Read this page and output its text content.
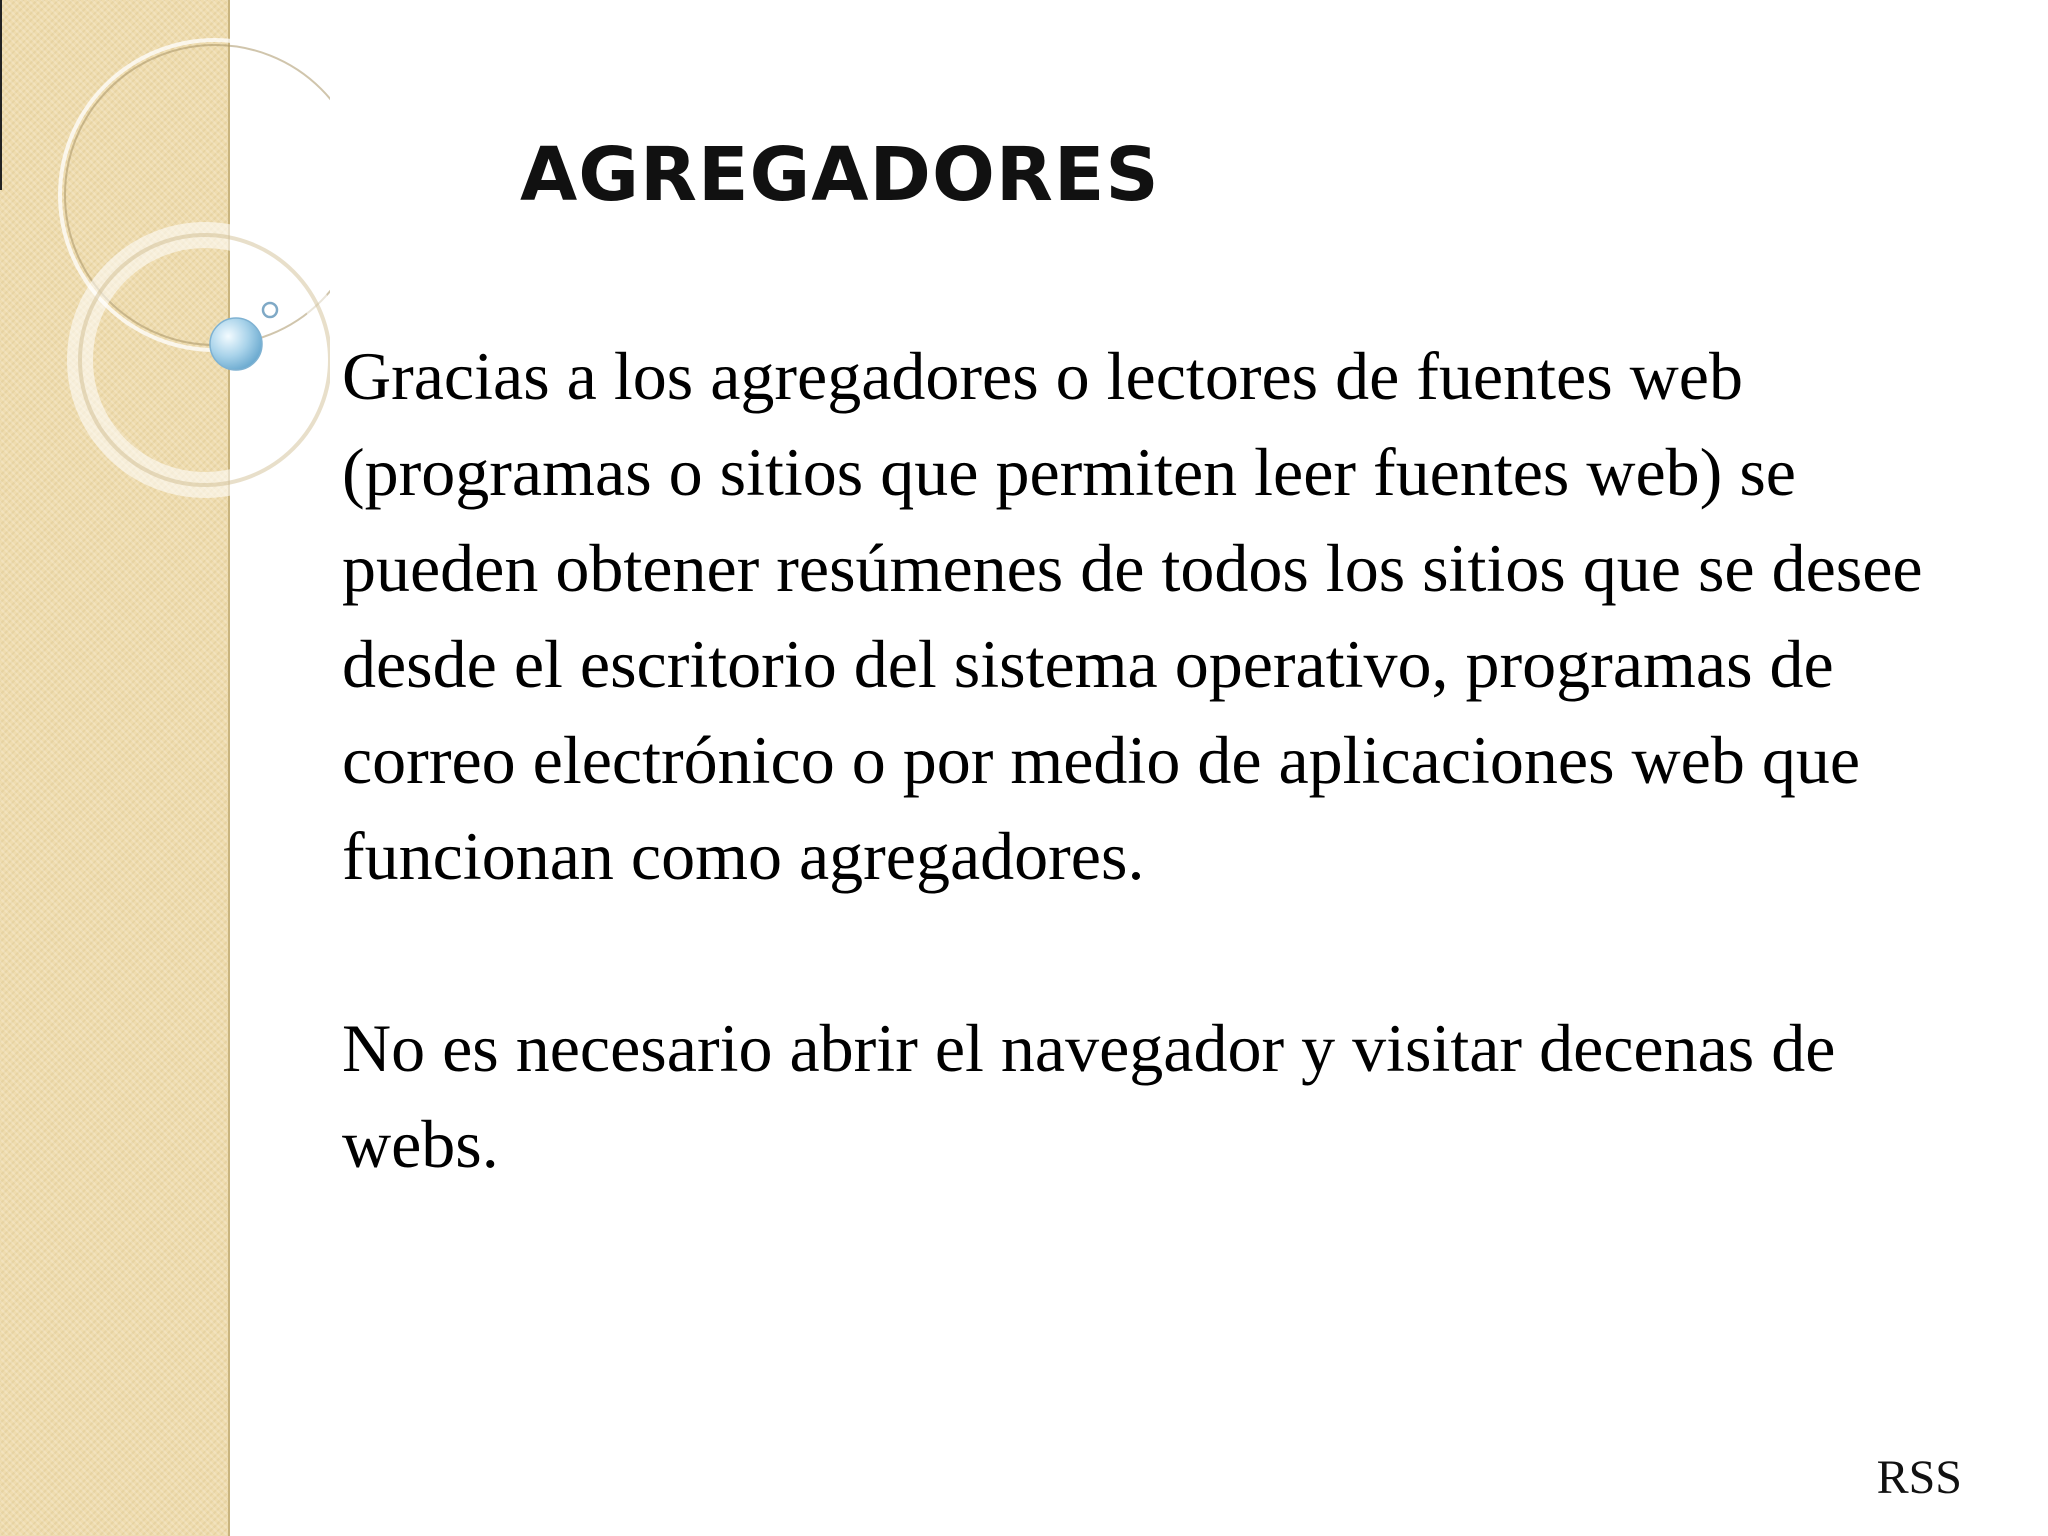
AGREGADORES

Gracias a los agregadores o lectores de fuentes web (programas o sitios que permiten leer fuentes web) se pueden obtener resúmenes de todos los sitios que se desee desde el escritorio del sistema operativo, programas de correo electrónico o por medio de aplicaciones web que funcionan como agregadores.

No es necesario abrir el navegador y visitar decenas de webs.

RSS
